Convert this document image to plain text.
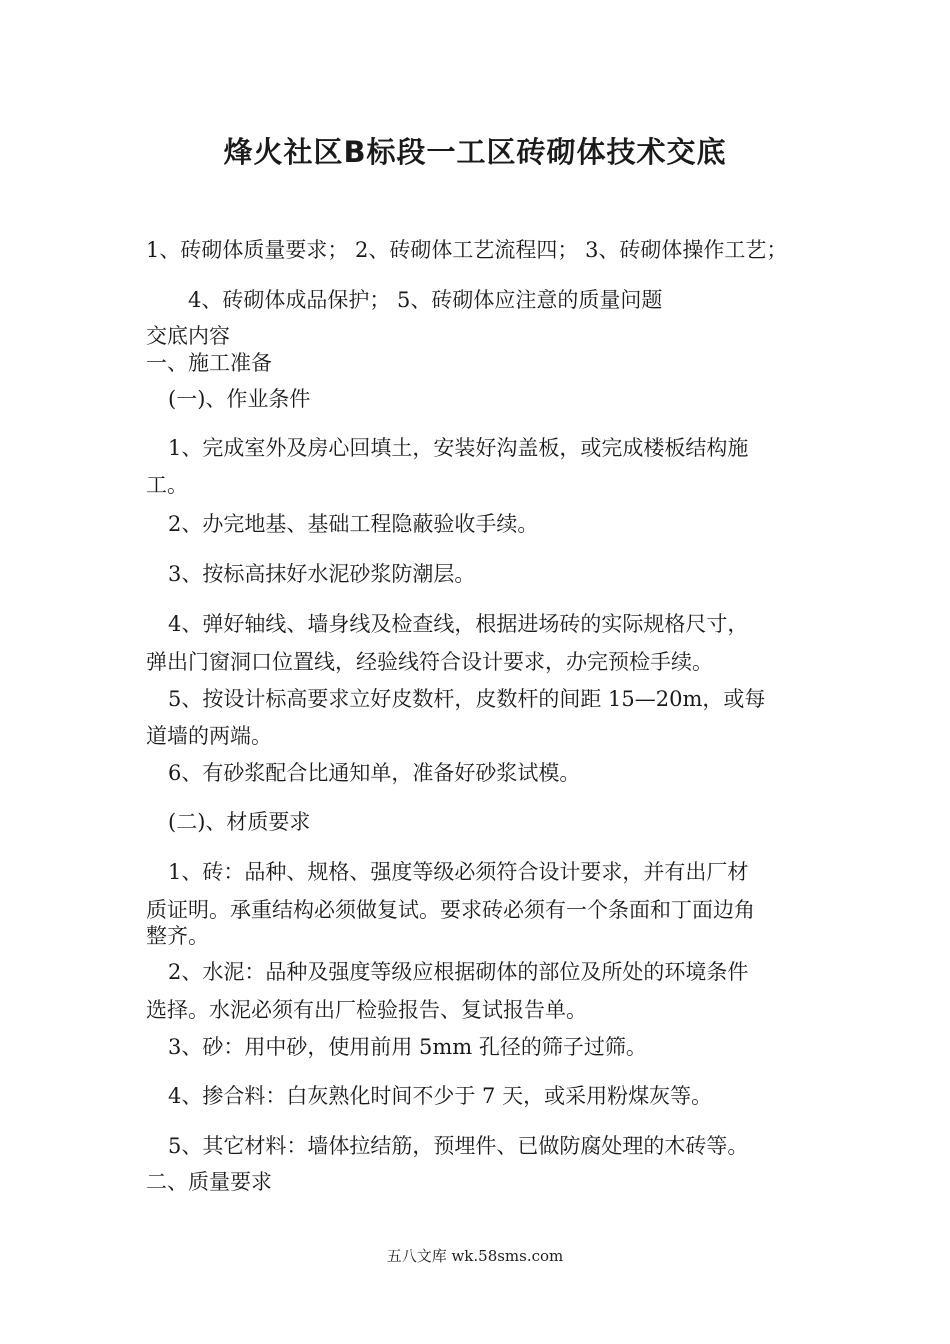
烽火社区B标段一工区砖砌体技术交底
1、砖砌体质量要求； 2、砖砌体工艺流程四； 3、砖砌体操作工艺；
4、砖砌体成品保护； 5、砖砌体应注意的质量问题
交底内容
一、施工准备
(一)、作业条件
1、完成室外及房心回填土，安装好沟盖板，或完成楼板结构施
工。
2、办完地基、基础工程隐蔽验收手续。
3、按标高抹好水泥砂浆防潮层。
4、弹好轴线、墙身线及检查线，根据进场砖的实际规格尺寸，
弹出门窗洞口位置线，经验线符合设计要求，办完预检手续。
5、按设计标高要求立好皮数杆，皮数杆的间距 15—20m，或每
道墙的两端。
6、有砂浆配合比通知单，准备好砂浆试模。
(二)、材质要求
1、砖：品种、规格、强度等级必须符合设计要求，并有出厂材
质证明。承重结构必须做复试。要求砖必须有一个条面和丁面边角
整齐。
2、水泥：品种及强度等级应根据砌体的部位及所处的环境条件
选择。水泥必须有出厂检验报告、复试报告单。
3、砂：用中砂，使用前用 5mm 孔径的筛子过筛。
4、掺合料：白灰熟化时间不少于 7 天，或采用粉煤灰等。
5、其它材料：墙体拉结筋，预埋件、已做防腐处理的木砖等。
二、质量要求
五八文库 wk.58sms.com
